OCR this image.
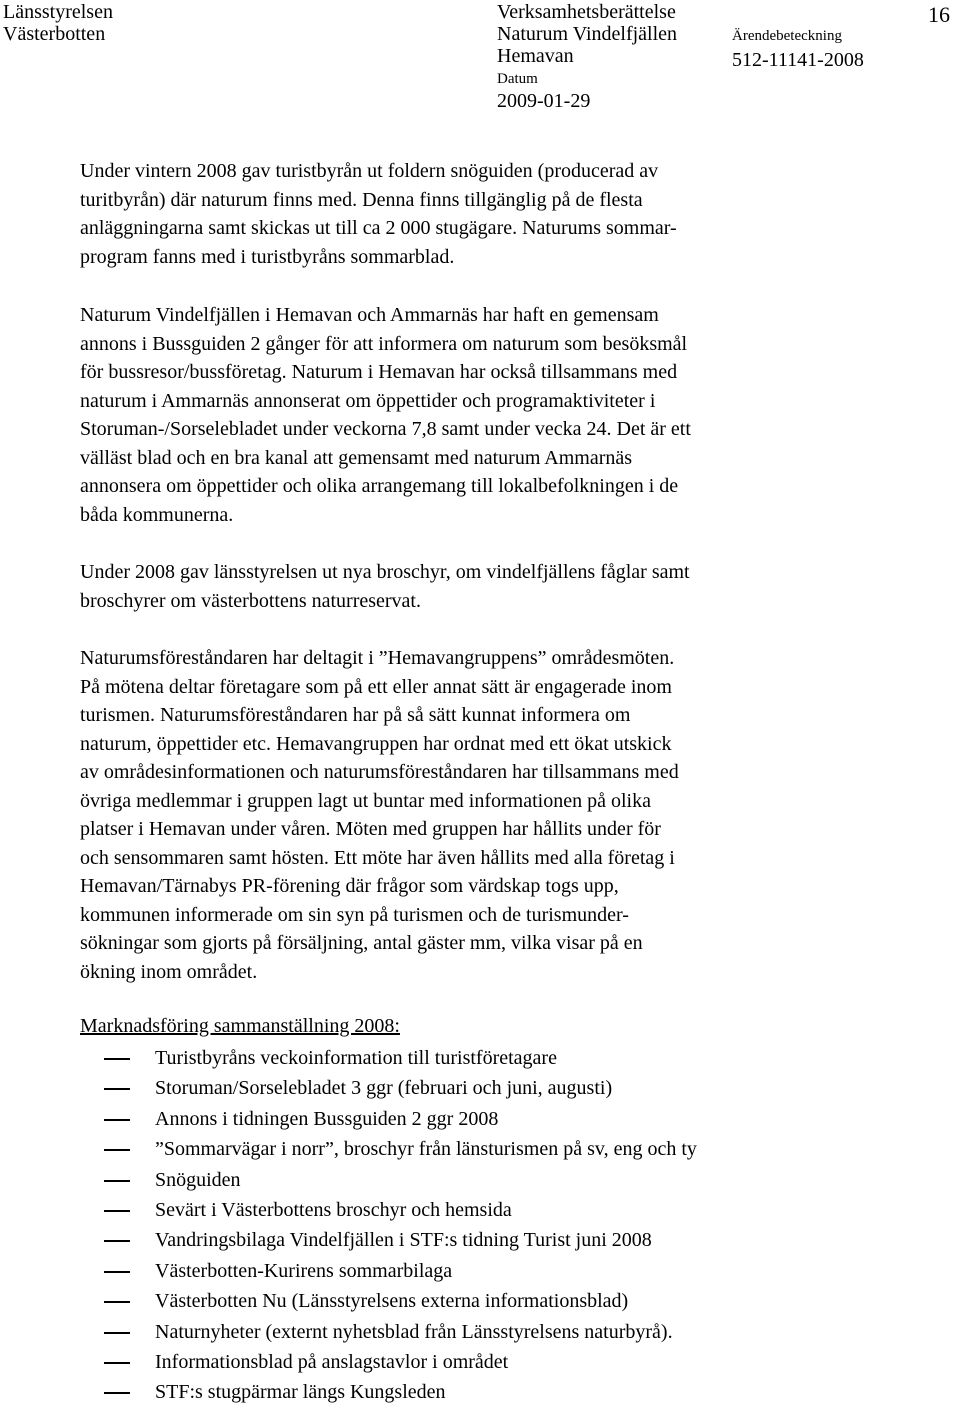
Länsstyrelsen
Västerbotten
Verksamhetsberättelse
Naturum Vindelfjällen
Hemavan
Datum
2009-01-29
Ärendebeteckning
512-11141-2008
16
Under vintern 2008 gav turistbyrån ut foldern snöguiden (producerad av
turitbyrån) där naturum finns med. Denna finns tillgänglig på de flesta
anläggningarna samt skickas ut till ca 2 000 stugägare. Naturums sommar-
program fanns med i turistbyråns sommarblad.
Naturum Vindelfjällen i Hemavan och Ammarnäs har haft en gemensam
annons i Bussguiden 2 gånger för att informera om naturum som besöksmål
för bussresor/bussföretag. Naturum i Hemavan har också tillsammans med
naturum i Ammarnäs annonserat om öppettider och programaktiviteter i
Storuman-/Sorselebladet under veckorna 7,8 samt under vecka 24. Det är ett
välläst blad och en bra kanal att gemensamt med naturum Ammarnäs
annonsera om öppettider och olika arrangemang till lokalbefolkningen i de
båda kommunerna.
Under 2008 gav länsstyrelsen ut nya broschyr, om vindelfjällens fåglar samt
broschyrer om västerbottens naturreservat.
Naturumsföreståndaren har deltagit i ”Hemavangruppens” områdesmöten.
På mötena deltar företagare som på ett eller annat sätt är engagerade inom
turismen. Naturumsföreståndaren har på så sätt kunnat informera om
naturum, öppettider etc. Hemavangruppen har ordnat med ett ökat utskick
av områdesinformationen och naturumsföreståndaren har tillsammans med
övriga medlemmar i gruppen lagt ut buntar med informationen på olika
platser i Hemavan under våren. Möten med gruppen har hållits under för
och sensommaren samt hösten. Ett möte har även hållits med alla företag i
Hemavan/Tärnabys PR-förening där frågor som värdskap togs upp,
kommunen informerade om sin syn på turismen och de turismunder-
sökningar som gjorts på försäljning, antal gäster mm, vilka visar på en
ökning inom området.
Marknadsföring sammanställning 2008:
Turistbyråns veckoinformation till turistföretagare
Storuman/Sorselebladet 3 ggr (februari och juni, augusti)
Annons i tidningen Bussguiden 2 ggr 2008
”Sommarvägar i norr”, broschyr från länsturismen på sv, eng och ty
Snöguiden
Sevärt i Västerbottens broschyr och hemsida
Vandringsbilaga Vindelfjällen i STF:s tidning Turist juni 2008
Västerbotten-Kurirens sommarbilaga
Västerbotten Nu (Länsstyrelsens externa informationsblad)
Naturnyheter (externt nyhetsblad från Länsstyrelsens naturbyrå).
Informationsblad på anslagstavlor i området
STF:s stugpärmar längs Kungsleden
